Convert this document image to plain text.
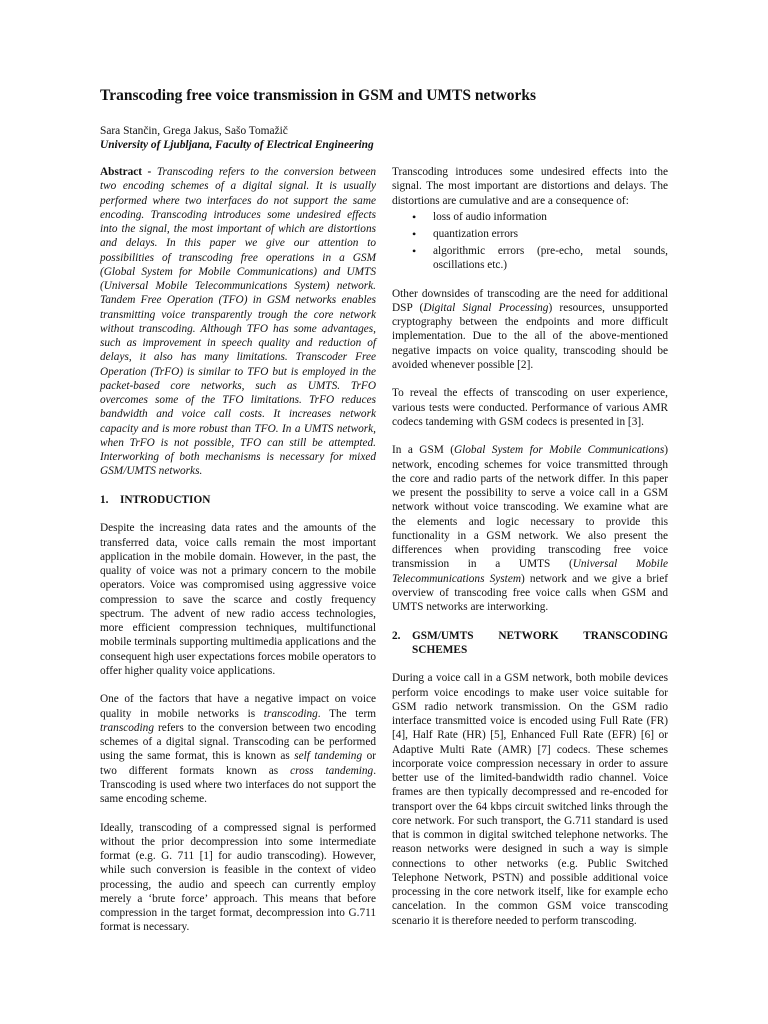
Transcoding free voice transmission in GSM and UMTS networks
Sara Stančin, Grega Jakus, Sašo Tomažič
University of Ljubljana, Faculty of Electrical Engineering

Abstract - Transcoding refers to the conversion between two encoding schemes of a digital signal. It is usually performed where two interfaces do not support the same encoding. Transcoding introduces some undesired effects into the signal, the most important of which are distortions and delays. In this paper we give our attention to possibilities of transcoding free operations in a GSM (Global System for Mobile Communications) and UMTS (Universal Mobile Telecommunications System) network. Tandem Free Operation (TFO) in GSM networks enables transmitting voice transparently trough the core network without transcoding. Although TFO has some advantages, such as improvement in speech quality and reduction of delays, it also has many limitations. Transcoder Free Operation (TrFO) is similar to TFO but is employed in the packet-based core networks, such as UMTS. TrFO overcomes some of the TFO limitations. TrFO reduces bandwidth and voice call costs. It increases network capacity and is more robust than TFO. In a UMTS network, when TrFO is not possible, TFO can still be attempted. Interworking of both mechanisms is necessary for mixed GSM/UMTS networks.

1.	INTRODUCTION

Despite the increasing data rates and the amounts of the transferred data, voice calls remain the most important application in the mobile domain. However, in the past, the quality of voice was not a primary concern to the mobile operators. Voice was compromised using aggressive voice compression to save the scarce and costly frequency spectrum. The advent of new radio access technologies, more efficient compression techniques, multifunctional mobile terminals supporting multimedia applications and the consequent high user expectations forces mobile operators to offer higher quality voice applications.

One of the factors that have a negative impact on voice quality in mobile networks is transcoding. The term transcoding refers to the conversion between two encoding schemes of a digital signal. Transcoding can be performed using the same format, this is known as self tandeming or two different formats known as cross tandeming. Transcoding is used where two interfaces do not support the same encoding scheme.

Ideally, transcoding of a compressed signal is performed without the prior decompression into some intermediate format (e.g. G. 711 [1] for audio transcoding). However, while such conversion is feasible in the context of video processing, the audio and speech can currently employ merely a ‘brute force’ approach. This means that before compression in the target format, decompression into G.711 format is necessary.

Transcoding introduces some undesired effects into the signal. The most important are distortions and delays. The distortions are cumulative and are a consequence of:

• loss of audio information
• quantization errors
• algorithmic errors (pre-echo, metal sounds, oscillations etc.)

Other downsides of transcoding are the need for additional DSP (Digital Signal Processing) resources, unsupported cryptography between the endpoints and more difficult implementation. Due to the all of the above-mentioned negative impacts on voice quality, transcoding should be avoided whenever possible [2].

To reveal the effects of transcoding on user experience, various tests were conducted. Performance of various AMR codecs tandeming with GSM codecs is presented in [3].

In a GSM (Global System for Mobile Communications) network, encoding schemes for voice transmitted through the core and radio parts of the network differ. In this paper we present the possibility to serve a voice call in a GSM network without voice transcoding. We examine what are the elements and logic necessary to provide this functionality in a GSM network. We also present the differences when providing transcoding free voice transmission in a UMTS (Universal Mobile Telecommunications System) network and we give a brief overview of transcoding free voice calls when GSM and UMTS networks are interworking.

2.	GSM/UMTS NETWORK TRANSCODING
SCHEMES

During a voice call in a GSM network, both mobile devices perform voice encodings to make user voice suitable for GSM radio network transmission. On the GSM radio interface transmitted voice is encoded using Full Rate (FR) [4], Half Rate (HR) [5], Enhanced Full Rate (EFR) [6] or Adaptive Multi Rate (AMR) [7] codecs. These schemes incorporate voice compression necessary in order to assure better use of the limited-bandwidth radio channel. Voice frames are then typically decompressed and re-encoded for transport over the 64 kbps circuit switched links through the core network. For such transport, the G.711 standard is used that is common in digital switched telephone networks. The reason networks were designed in such a way is simple connections to other networks (e.g. Public Switched Telephone Network, PSTN) and possible additional voice processing in the core network itself, like for example echo cancelation. In the common GSM voice transcoding scenario it is therefore needed to perform transcoding.
